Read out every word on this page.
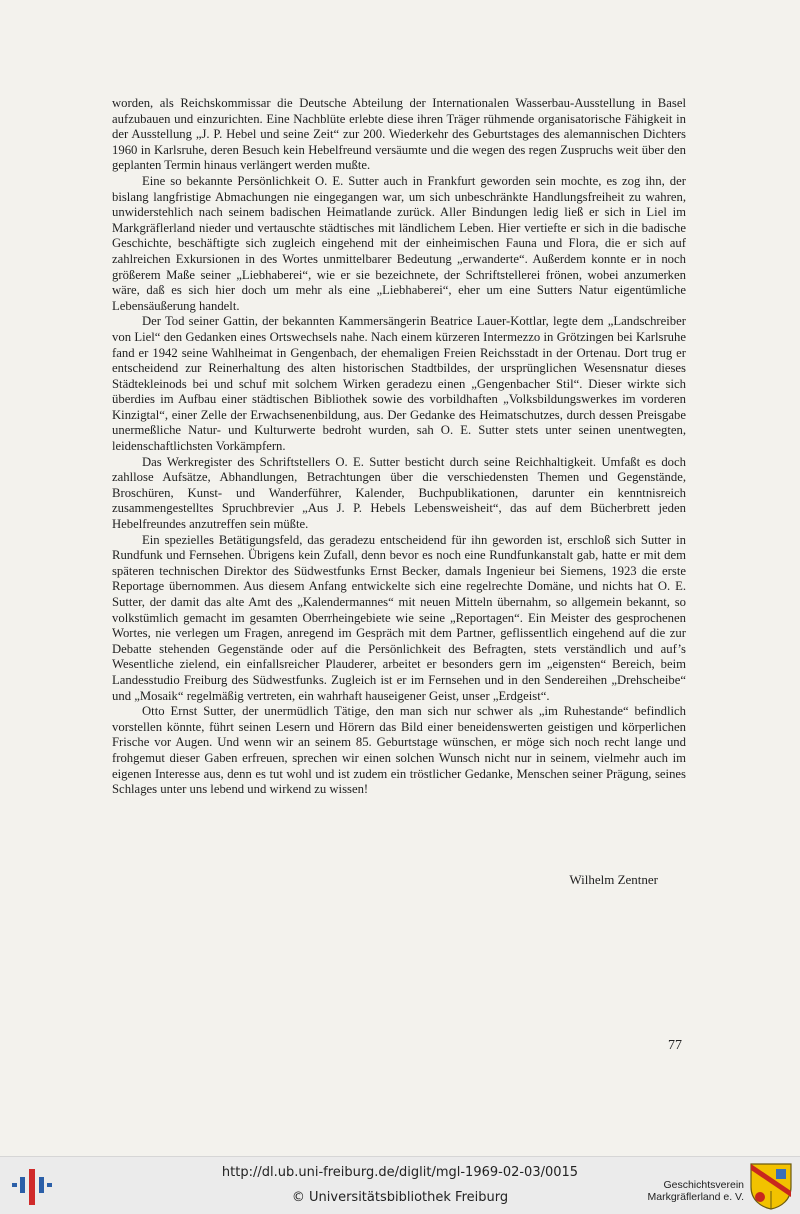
worden, als Reichskommissar die Deutsche Abteilung der Internationalen Wasserbau-Ausstellung in Basel aufzubauen und einzurichten. Eine Nachblüte erlebte diese ihren Träger rühmende organisatorische Fähigkeit in der Ausstellung „J. P. Hebel und seine Zeit“ zur 200. Wiederkehr des Geburtstages des alemannischen Dichters 1960 in Karlsruhe, deren Besuch kein Hebelfreund versäumte und die wegen des regen Zuspruchs weit über den geplanten Termin hinaus verlängert werden mußte.

Eine so bekannte Persönlichkeit O. E. Sutter auch in Frankfurt geworden sein mochte, es zog ihn, der bislang langfristige Abmachungen nie eingegangen war, um sich unbeschränkte Handlungsfreiheit zu wahren, unwiderstehlich nach seinem badischen Heimatlande zurück. Aller Bindungen ledig ließ er sich in Liel im Markgräflerland nieder und vertauschte städtisches mit ländlichem Leben. Hier vertiefte er sich in die badische Geschichte, beschäftigte sich zugleich eingehend mit der einheimischen Fauna und Flora, die er sich auf zahlreichen Exkursionen in des Wortes unmittelbarer Bedeutung „erwanderte“. Außerdem konnte er in noch größerem Maße seiner „Liebhaberei“, wie er sie bezeichnete, der Schriftstellerei frönen, wobei anzumerken wäre, daß es sich hier doch um mehr als eine „Liebhaberei“, eher um eine Sutters Natur eigentümliche Lebensäußerung handelt.

Der Tod seiner Gattin, der bekannten Kammersängerin Beatrice Lauer-Kottlar, legte dem „Landschreiber von Liel“ den Gedanken eines Ortswechsels nahe. Nach einem kürzeren Intermezzo in Grötzingen bei Karlsruhe fand er 1942 seine Wahlheimat in Gengenbach, der ehemaligen Freien Reichsstadt in der Ortenau. Dort trug er entscheidend zur Reinerhaltung des alten historischen Stadtbildes, der ursprünglichen Wesensnatur dieses Städtekleinods bei und schuf mit solchem Wirken geradezu einen „Gengenbacher Stil“. Dieser wirkte sich überdies im Aufbau einer städtischen Bibliothek sowie des vorbildhaften „Volksbildungswerkes im vorderen Kinzigtal“, einer Zelle der Erwachsenenbildung, aus. Der Gedanke des Heimatschutzes, durch dessen Preisgabe unermeßliche Natur- und Kulturwerte bedroht wurden, sah O. E. Sutter stets unter seinen unentwegten, leidenschaftlichsten Vorkämpfern.

Das Werkregister des Schriftstellers O. E. Sutter besticht durch seine Reichhaltigkeit. Umfaßt es doch zahllose Aufsätze, Abhandlungen, Betrachtungen über die verschiedensten Themen und Gegenstände, Broschüren, Kunst- und Wanderführer, Kalender, Buchpublikationen, darunter ein kenntnisreich zusammengestelltes Spruchbrevier „Aus J. P. Hebels Lebensweisheit“, das auf dem Bücherbrett jeden Hebelfreundes anzutreffen sein müßte.

Ein spezielles Betätigungsfeld, das geradezu entscheidend für ihn geworden ist, erschloß sich Sutter in Rundfunk und Fernsehen. Übrigens kein Zufall, denn bevor es noch eine Rundfunkanstalt gab, hatte er mit dem späteren technischen Direktor des Südwestfunks Ernst Becker, damals Ingenieur bei Siemens, 1923 die erste Reportage übernommen. Aus diesem Anfang entwickelte sich eine regelrechte Domäne, und nichts hat O. E. Sutter, der damit das alte Amt des „Kalendermannes“ mit neuen Mitteln übernahm, so allgemein bekannt, so volkstümlich gemacht im gesamten Oberrheingebiete wie seine „Reportagen“. Ein Meister des gesprochenen Wortes, nie verlegen um Fragen, anregend im Gespräch mit dem Partner, geflissentlich eingehend auf die zur Debatte stehenden Gegenstände oder auf die Persönlichkeit des Befragten, stets verständlich und auf’s Wesentliche zielend, ein einfallsreicher Plauderer, arbeitet er besonders gern im „eigensten“ Bereich, beim Landesstudio Freiburg des Südwestfunks. Zugleich ist er im Fernsehen und in den Sendereihen „Drehscheibe“ und „Mosaik“ regelmäßig vertreten, ein wahrhaft hauseigener Geist, unser „Erdgeist“.

Otto Ernst Sutter, der unermüdlich Tätige, den man sich nur schwer als „im Ruhestande“ befindlich vorstellen könnte, führt seinen Lesern und Hörern das Bild einer beneidenswerten geistigen und körperlichen Frische vor Augen. Und wenn wir an seinem 85. Geburtstage wünschen, er möge sich noch recht lange und frohgemut dieser Gaben erfreuen, sprechen wir einen solchen Wunsch nicht nur in seinem, vielmehr auch im eigenen Interesse aus, denn es tut wohl und ist zudem ein tröstlicher Gedanke, Menschen seiner Prägung, seines Schlages unter uns lebend und wirkend zu wissen!

Wilhelm Zentner
77
http://dl.ub.uni-freiburg.de/diglit/mgl-1969-02-03/0015
© Universitätsbibliothek Freiburg
Geschichtsverein
Markgräflerland e. V.
